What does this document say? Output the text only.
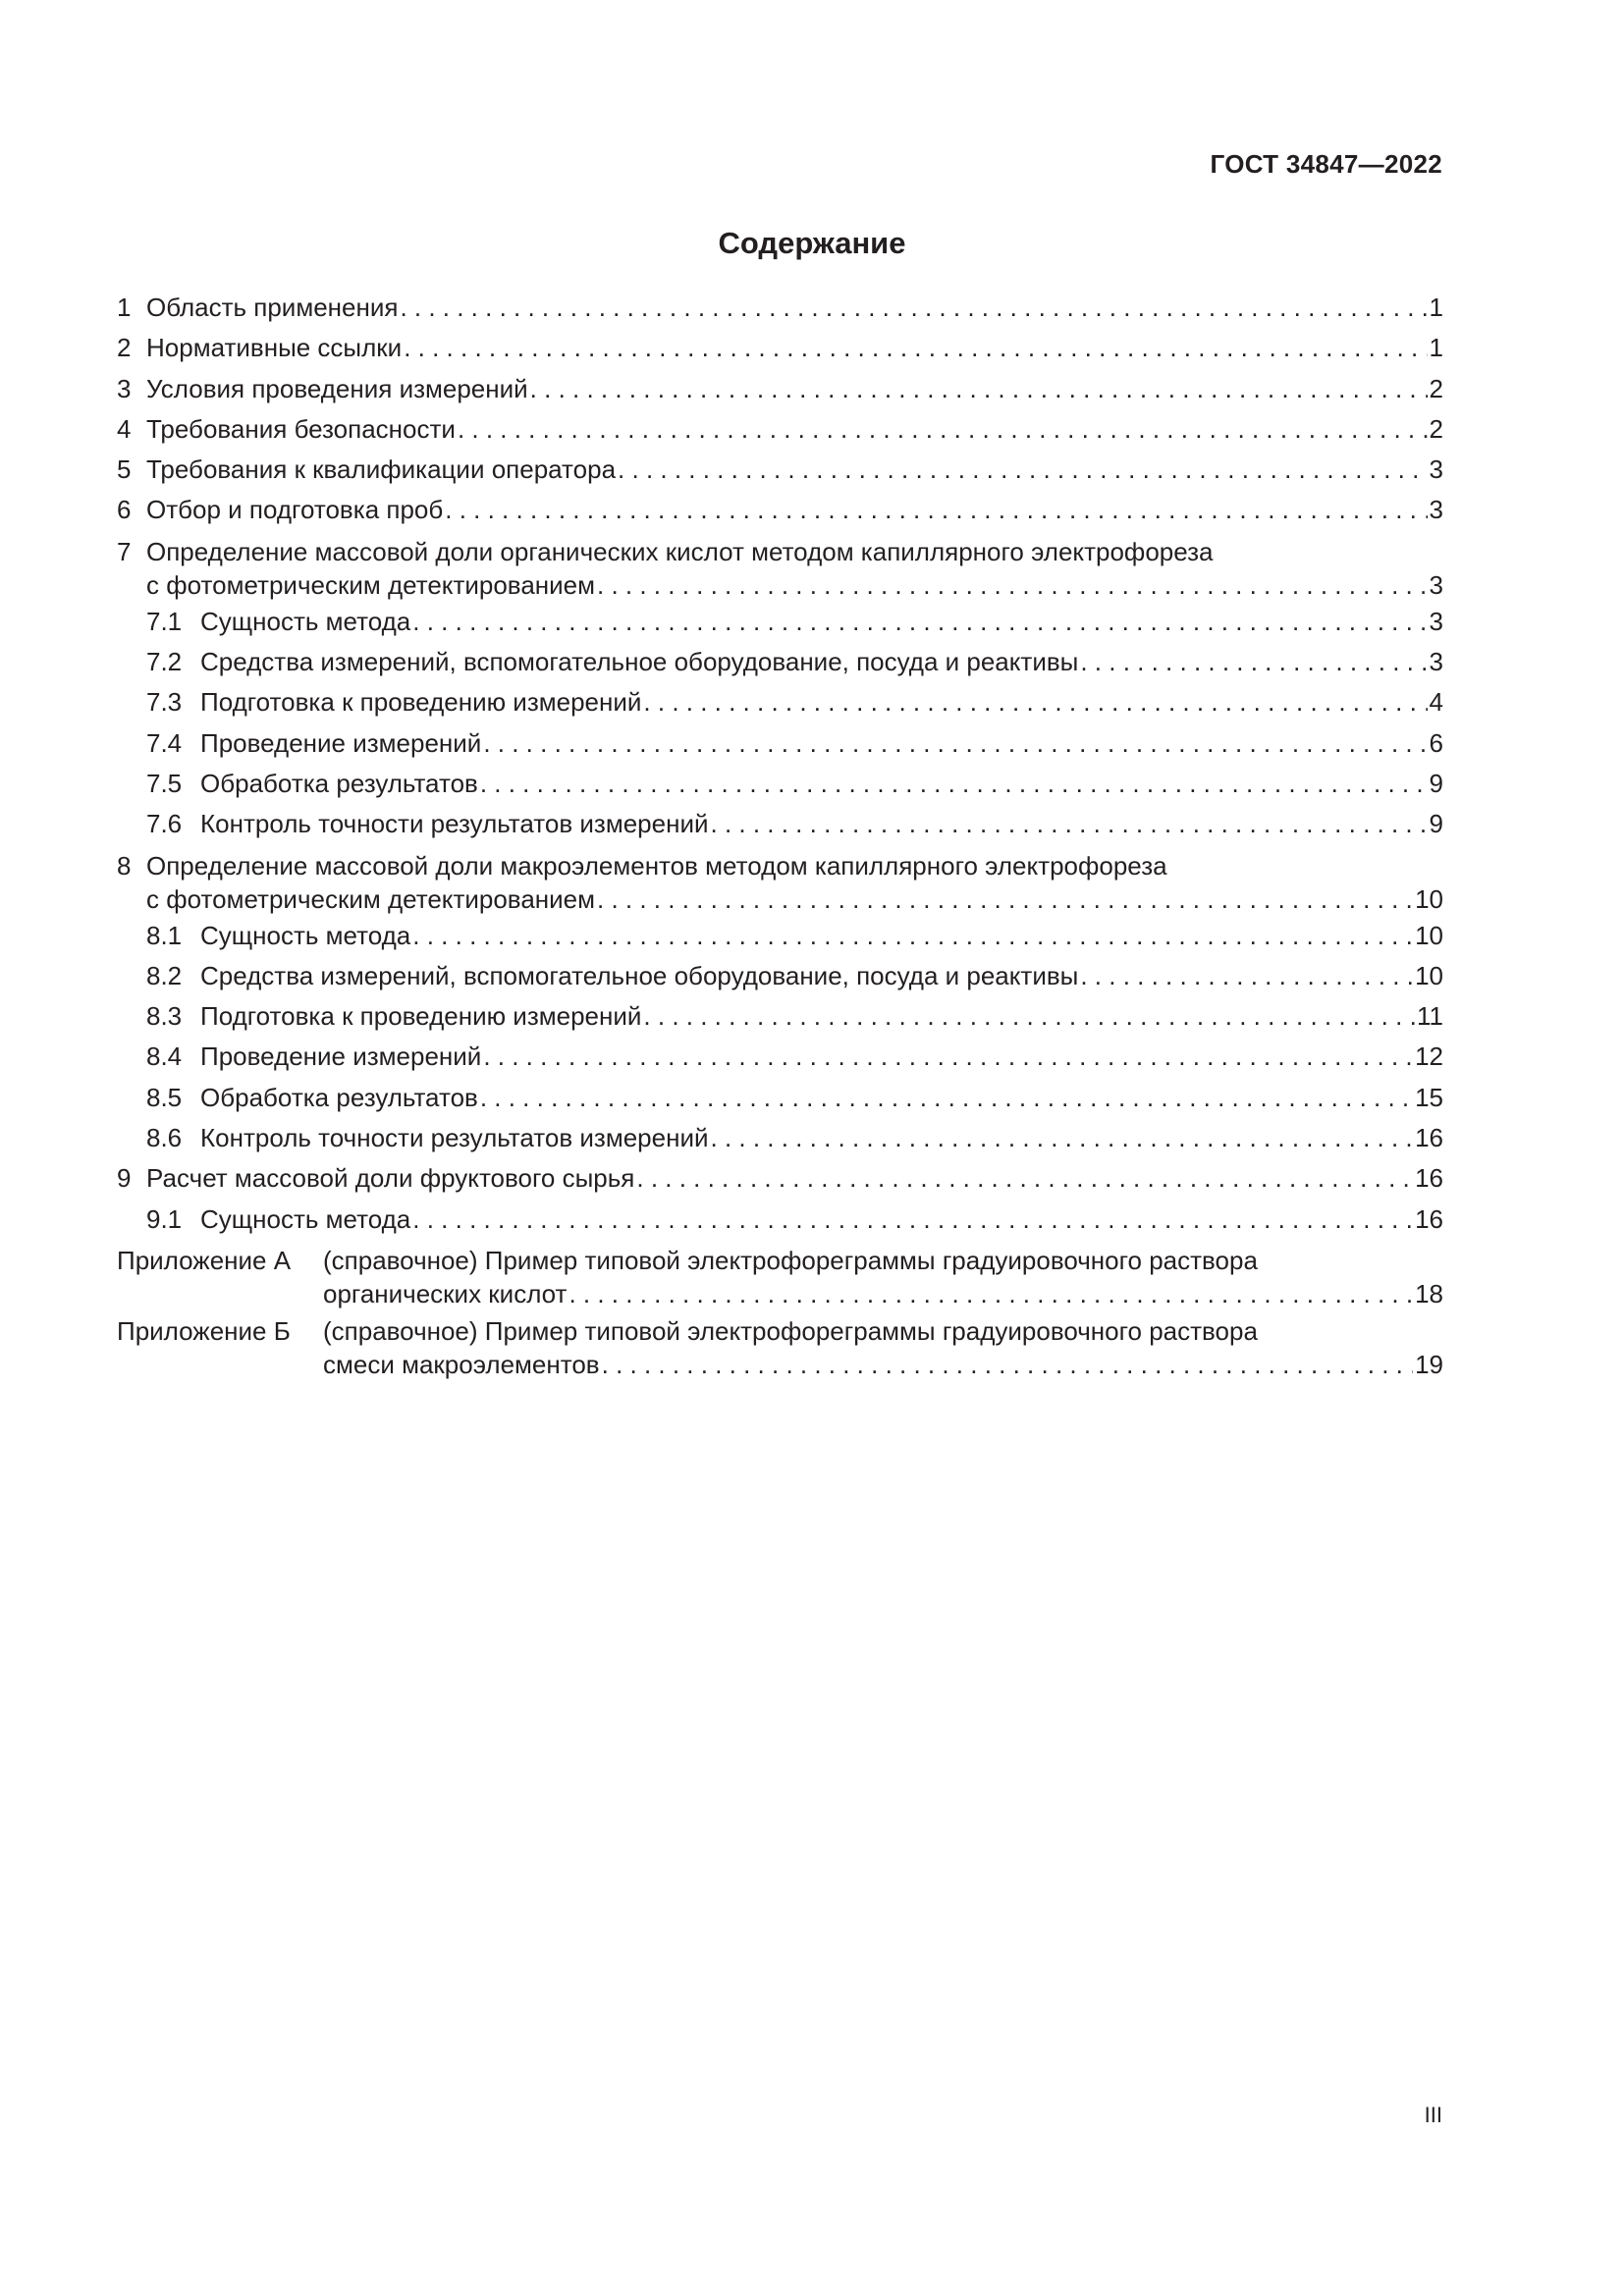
ГОСТ 34847—2022
Содержание
1 Область применения . . .	1
2 Нормативные ссылки . . .	1
3 Условия проведения измерений . . .	2
4 Требования безопасности . . .	2
5 Требования к квалификации оператора . . .	3
6 Отбор и подготовка проб . . .	3
7 Определение массовой доли органических кислот методом капиллярного электрофореза
с фотометрическим детектированием . . .	3
7.1 Сущность метода . . .	3
7.2 Средства измерений, вспомогательное оборудование, посуда и реактивы . . .	3
7.3 Подготовка к проведению измерений . . .	4
7.4 Проведение измерений . . .	6
7.5 Обработка результатов . . .	9
7.6 Контроль точности результатов измерений . . .	9
8 Определение массовой доли макроэлементов методом капиллярного электрофореза
с фотометрическим детектированием . . .	10
8.1 Сущность метода . . .	10
8.2 Средства измерений, вспомогательное оборудование, посуда и реактивы . . .	10
8.3 Подготовка к проведению измерений . . .	11
8.4 Проведение измерений . . .	12
8.5 Обработка результатов . . .	15
8.6 Контроль точности результатов измерений . . .	16
9 Расчет массовой доли фруктового сырья . . .	16
9.1 Сущность метода . . .	16
Приложение А	(справочное) Пример типовой электрофореграммы градуировочного раствора
органических кислот . . .	18
Приложение Б	(справочное) Пример типовой электрофореграммы градуировочного раствора
смеси макроэлементов . . .	19
III
